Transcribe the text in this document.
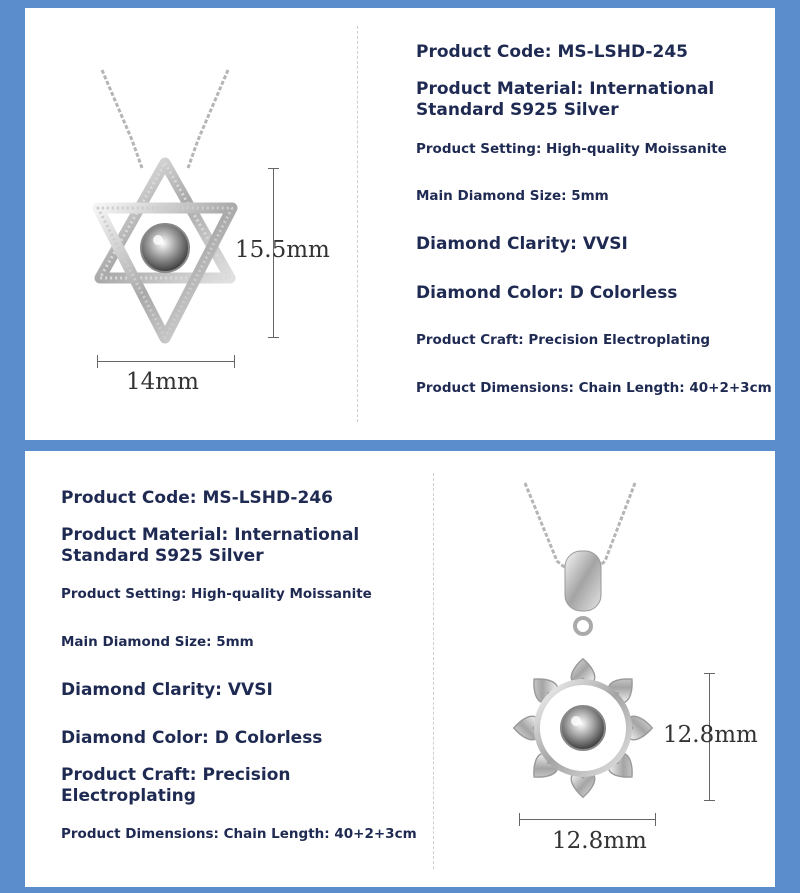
15.5mm
14mm
Product Code: MS-LSHD-245
Product Material: International
Standard S925 Silver
Product Setting: High-quality Moissanite
Main Diamond Size: 5mm
Diamond Clarity: VVSI
Diamond Color: D Colorless
Product Craft: Precision Electroplating
Product Dimensions: Chain Length: 40+2+3cm
Product Code: MS-LSHD-246
Product Material: International
Standard S925 Silver
Product Setting: High-quality Moissanite
Main Diamond Size: 5mm
Diamond Clarity: VVSI
Diamond Color: D Colorless
Product Craft: Precision
Electroplating
Product Dimensions: Chain Length: 40+2+3cm
12.8mm
12.8mm
